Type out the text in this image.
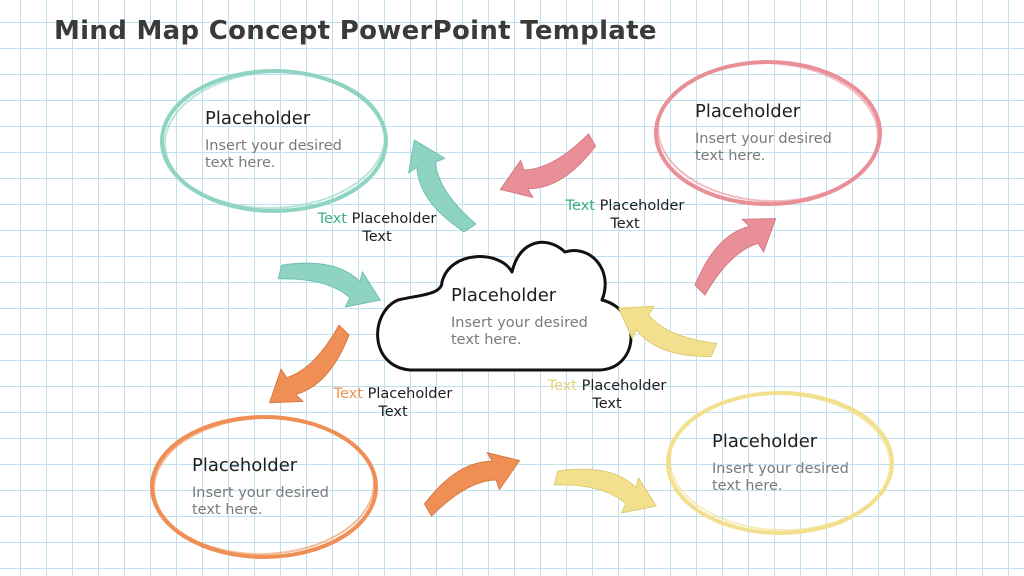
Mind Map Concept PowerPoint Template
Placeholder
Insert your desired
text here.
Placeholder
Insert your desired
text here.
Placeholder
Insert your desired
text here.
Placeholder
Insert your desired
text here.
Placeholder
Insert your desired
text here.
Text Placeholder
Text
Text Placeholder
Text
Text Placeholder
Text
Text Placeholder
Text
